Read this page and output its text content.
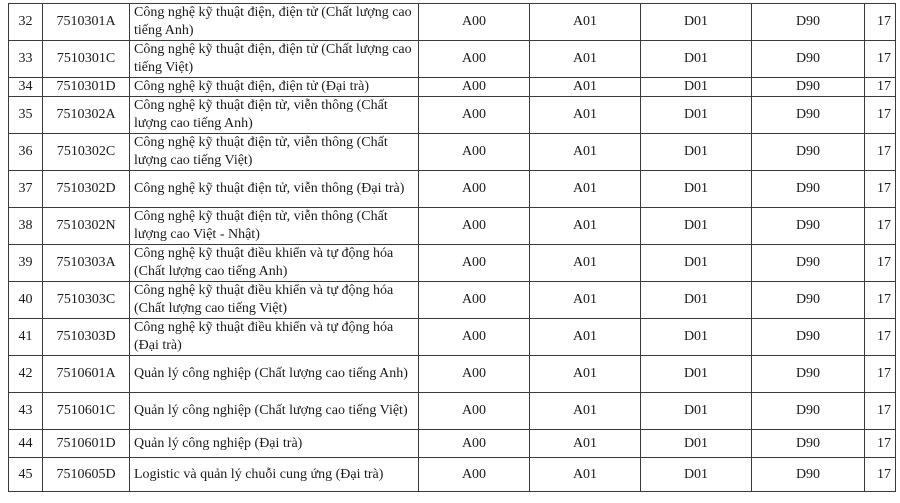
32	7510301A	Công nghệ kỹ thuật điện, điện tử (Chất lượng cao tiếng Anh)	A00	A01	D01	D90	17
33	7510301C	Công nghệ kỹ thuật điện, điện tử (Chất lượng cao tiếng Việt)	A00	A01	D01	D90	17
34	7510301D	Công nghệ kỹ thuật điện, điện tử (Đại trà)	A00	A01	D01	D90	17
35	7510302A	Công nghệ kỹ thuật điện tử, viễn thông (Chất lượng cao tiếng Anh)	A00	A01	D01	D90	17
36	7510302C	Công nghệ kỹ thuật điện tử, viễn thông (Chất lượng cao tiếng Việt)	A00	A01	D01	D90	17
37	7510302D	Công nghệ kỹ thuật điện tử, viễn thông (Đại trà)	A00	A01	D01	D90	17
38	7510302N	Công nghệ kỹ thuật điện tử, viễn thông (Chất lượng cao Việt - Nhật)	A00	A01	D01	D90	17
39	7510303A	Công nghệ kỹ thuật điều khiển và tự động hóa (Chất lượng cao tiếng Anh)	A00	A01	D01	D90	17
40	7510303C	Công nghệ kỹ thuật điều khiển và tự động hóa (Chất lượng cao tiếng Việt)	A00	A01	D01	D90	17
41	7510303D	Công nghệ kỹ thuật điều khiển và tự động hóa (Đại trà)	A00	A01	D01	D90	17
42	7510601A	Quản lý công nghiệp (Chất lượng cao tiếng Anh)	A00	A01	D01	D90	17
43	7510601C	Quản lý công nghiệp (Chất lượng cao tiếng Việt)	A00	A01	D01	D90	17
44	7510601D	Quản lý công nghiệp (Đại trà)	A00	A01	D01	D90	17
45	7510605D	Logistic và quản lý chuỗi cung ứng (Đại trà)	A00	A01	D01	D90	17
